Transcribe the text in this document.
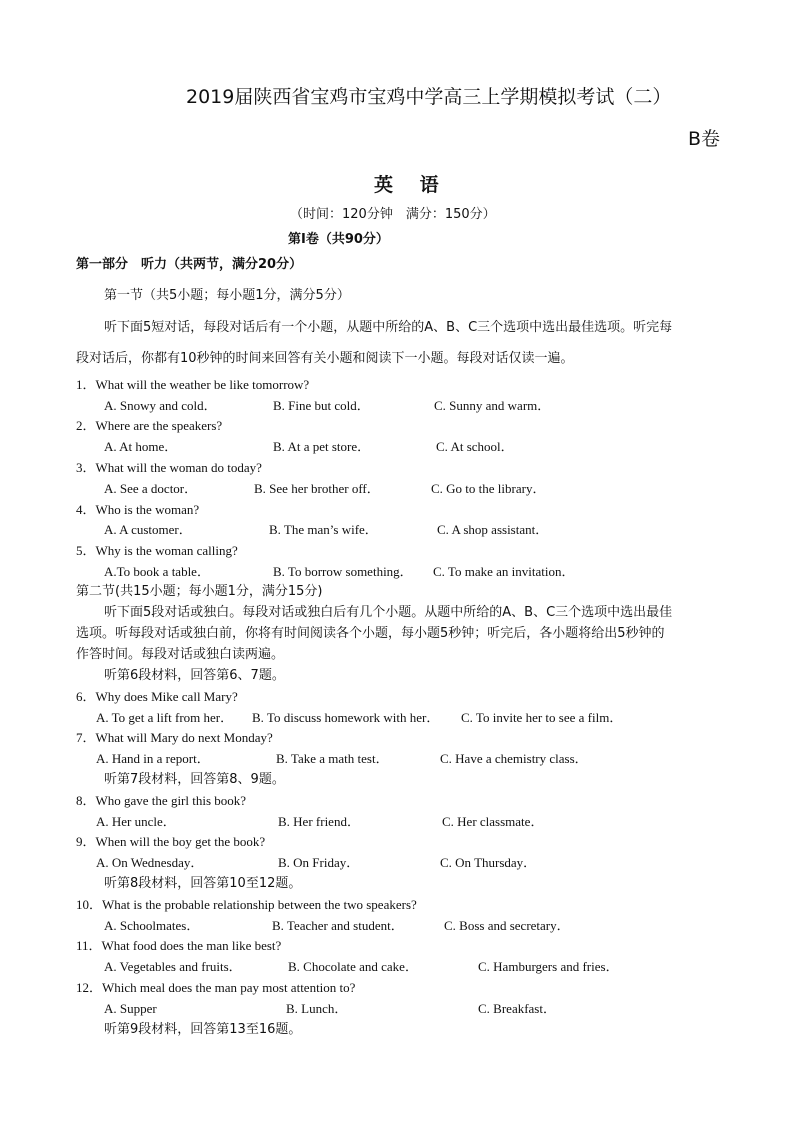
2019届陕西省宝鸡市宝鸡中学高三上学期模拟考试（二）
B卷
英 语
（时间：120分钟　满分：150分）
第Ⅰ卷（共90分）
第一部分　听力（共两节，满分20分）
第一节（共5小题；每小题1分，满分5分）
听下面5短对话，每段对话后有一个小题，从题中所给的A、B、C三个选项中选出最佳选项。听完每
段对话后，你都有10秒钟的时间来回答有关小题和阅读下一小题。每段对话仅读一遍。
1．What will the weather be like tomorrow?
A. Snowy and cold．	B. Fine but cold．	C. Sunny and warm．
2．Where are the speakers?
A. At home．	B. At a pet store．	C. At school．
3．What will the woman do today?
A. See a doctor．	B. See her brother off．	C. Go to the library．
4．Who is the woman?
A. A customer．	B. The man’s wife．	C. A shop assistant．
5．Why is the woman calling?
A.To book a table．	B. To borrow something． C. To make an invitation．
第二节(共15小题；每小题1分，满分15分)
听下面5段对话或独白。每段对话或独白后有几个小题。从题中所给的A、B、C三个选项中选出最佳
选项。听每段对话或独白前，你将有时间阅读各个小题，每小题5秒钟；听完后，各小题将给出5秒钟的
作答时间。每段对话或独白读两遍。
听第6段材料，回答第6、7题。
6．Why does Mike call Mary?
A. To get a lift from her． B. To discuss homework with her． C. To invite her to see a film．
7．What will Mary do next Monday?
A. Hand in a report．	B. Take a math test．	C. Have a chemistry class．
听第7段材料，回答第8、9题。
8．Who gave the girl this book?
A. Her uncle．	B. Her friend．	C. Her classmate．
9．When will the boy get the book?
A. On Wednesday．	B. On Friday．	C. On Thursday．
听第8段材料，回答第10至12题。
10．What is the probable relationship between the two speakers?
A. Schoolmates．	B. Teacher and student．	C. Boss and secretary．
11．What food does the man like best?
A. Vegetables and fruits．	B. Chocolate and cake．	C. Hamburgers and fries．
12．Which meal does the man pay most attention to?
A. Supper	B. Lunch．	C. Breakfast．
听第9段材料，回答第13至16题。
